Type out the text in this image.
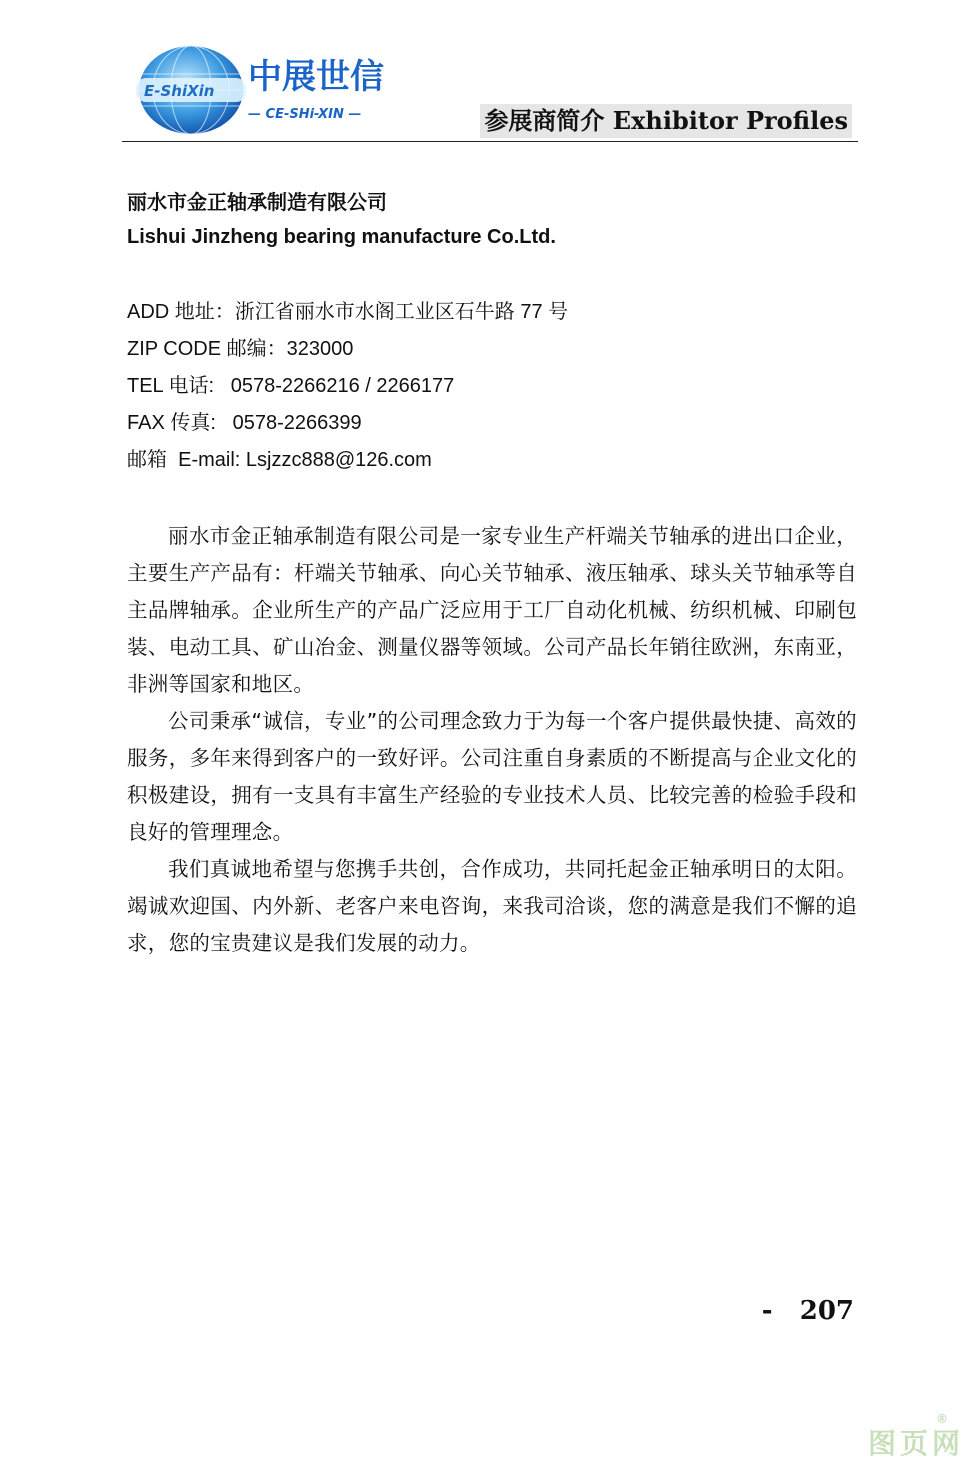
E-ShiXin 中展世信
— CE-SHi-XIN —	参展商简介 Exhibitor Profiles
丽水市金正轴承制造有限公司
Lishui Jinzheng bearing manufacture Co.Ltd.
ADD 地址：浙江省丽水市水阁工业区石牛路 77 号
ZIP CODE 邮编：323000
TEL 电话:   0578-2266216 / 2266177
FAX 传真:   0578-2266399
邮箱  E-mail: Lsjzzc888@126.com

丽水市金正轴承制造有限公司是一家专业生产杆端关节轴承的进出口企业，主要生产产品有：杆端关节轴承、向心关节轴承、液压轴承、球头关节轴承等自主品牌轴承。企业所生产的产品广泛应用于工厂自动化机械、纺织机械、印刷包装、电动工具、矿山冶金、测量仪器等领域。公司产品长年销往欧洲，东南亚，非洲等国家和地区。

公司秉承“诚信，专业”的公司理念致力于为每一个客户提供最快捷、高效的服务，多年来得到客户的一致好评。公司注重自身素质的不断提高与企业文化的积极建设，拥有一支具有丰富生产经验的专业技术人员、比较完善的检验手段和良好的管理理念。

我们真诚地希望与您携手共创，合作成功，共同托起金正轴承明日的太阳。竭诚欢迎国、内外新、老客户来电咨询，来我司洽谈，您的满意是我们不懈的追求，您的宝贵建议是我们发展的动力。

-   207
图页网
®
